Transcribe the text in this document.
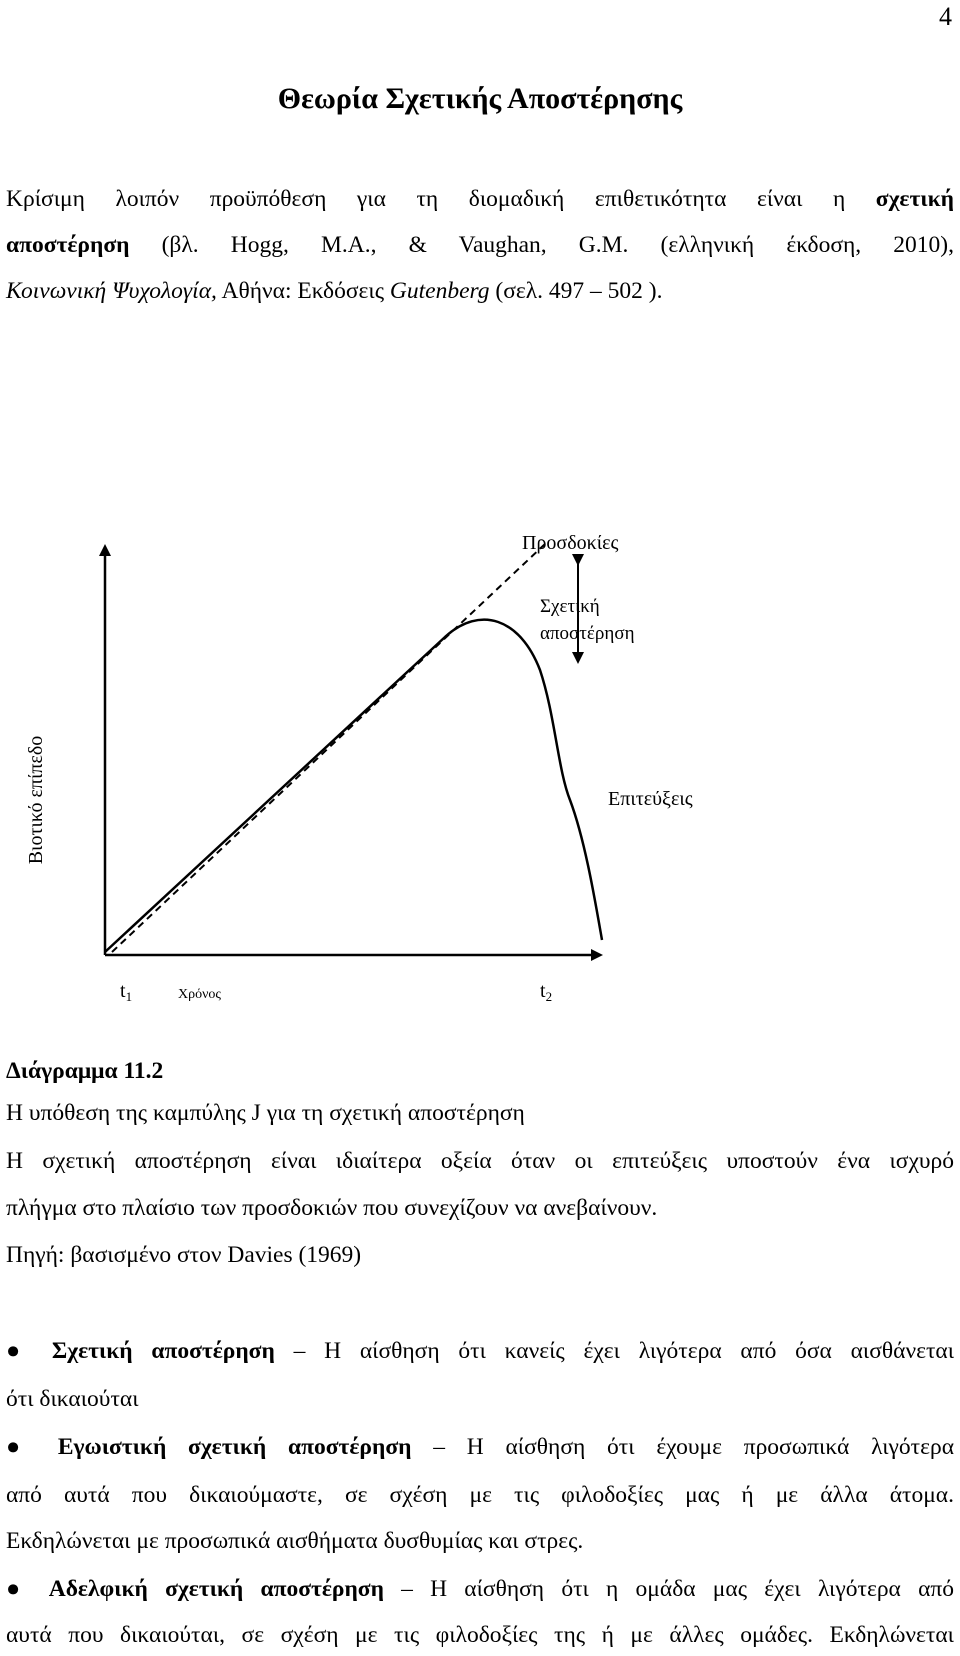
4
Θεωρία Σχετικής Αποστέρησης
Κρίσιμη λοιπόν προϋπόθεση για τη διομαδική επιθετικότητα είναι η σχετική
αποστέρηση (βλ. Hogg, M.A., & Vaughan, G.M. (ελληνική έκδοση, 2010),
Κοινωνική Ψυχολογία, Αθήνα: Εκδόσεις Gutenberg (σελ. 497 – 502 ).
Βιοτικό επίπεδο
Προσδοκίες
Σχετική
αποστέρηση
Επιτεύξεις
$t_1$	Χρόνος	$t_2$
Διάγραμμα 11.2
Η υπόθεση της καμπύλης J για τη σχετική αποστέρηση
Η σχετική αποστέρηση είναι ιδιαίτερα οξεία όταν οι επιτεύξεις υποστούν ένα ισχυρό
πλήγμα στο πλαίσιο των προσδοκιών που συνεχίζουν να ανεβαίνουν.
Πηγή: βασισμένο στον Davies (1969)
● Σχετική αποστέρηση – Η αίσθηση ότι κανείς έχει λιγότερα από όσα αισθάνεται
ότι δικαιούται
● Εγωιστική σχετική αποστέρηση – Η αίσθηση ότι έχουμε προσωπικά λιγότερα
από αυτά που δικαιούμαστε, σε σχέση με τις φιλοδοξίες μας ή με άλλα άτομα.
Εκδηλώνεται με προσωπικά αισθήματα δυσθυμίας και στρες.
● Αδελφική σχετική αποστέρηση – Η αίσθηση ότι η ομάδα μας έχει λιγότερα από
αυτά που δικαιούται, σε σχέση με τις φιλοδοξίες της ή με άλλες ομάδες. Εκδηλώνεται
